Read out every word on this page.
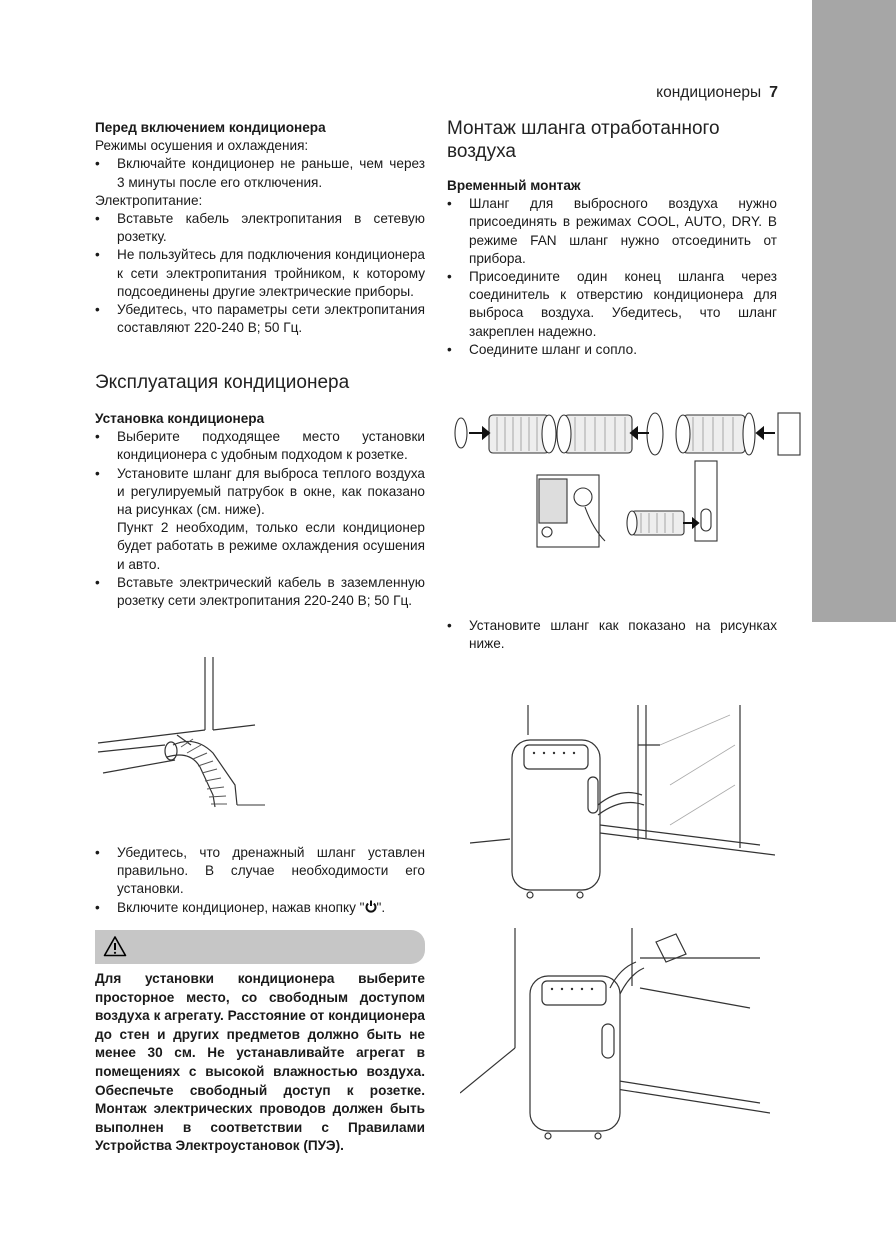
кондиционеры 7

Перед включением кондиционера

Режимы осушения и охлаждения:

• Включайте кондиционер не раньше, чем через 3 минуты после его отключения.

Электропитание:

• Вставьте кабель электропитания в сетевую розетку.
• Не пользуйтесь для подключения кондиционера к сети электропитания тройником, к которому подсоединены другие электрические приборы.
• Убедитесь, что параметры сети электропитания составляют 220-240 В; 50 Гц.

Эксплуатация кондиционера

Установка кондиционера

• Выберите подходящее место установки кондиционера с удобным подходом к розетке.
• Установите шланг для выброса теплого воздуха и регулируемый патрубок в окне, как показано на рисунках (см. ниже).
Пункт 2 необходим, только если кондиционер будет работать в режиме охлаждения осушения и авто.
• Вставьте электрический кабель в заземленную розетку сети электропитания 220-240 В; 50 Гц.
• Убедитесь, что дренажный шланг уставлен правильно. В случае необходимости его установки.
• Включите кондиционер, нажав кнопку " ".
Для установки кондиционера выберите просторное место, со свободным доступом воздуха к агрегату. Расстояние от кондиционера до стен и других предметов должно быть не менее 30 см. Не устанавливайте агрегат в помещениях с высокой влажностью воздуха. Обеспечьте свободный доступ к розетке. Монтаж электрических проводов должен быть выполнен в соответствии с Правилами Устройства Электроустановок (ПУЭ).

Монтаж шланга отработанного воздуха

Временный монтаж

• Шланг для выбросного воздуха нужно присоединять в режимах COOL, AUTO, DRY. В режиме FAN шланг нужно отсоединить от прибора.
• Присоедините один конец шланга через соединитель к отверстию кондиционера для выброса воздуха. Убедитесь, что шланг закреплен надежно.
• Соедините шланг и сопло.
• Установите шланг как показано на рисунках ниже.
